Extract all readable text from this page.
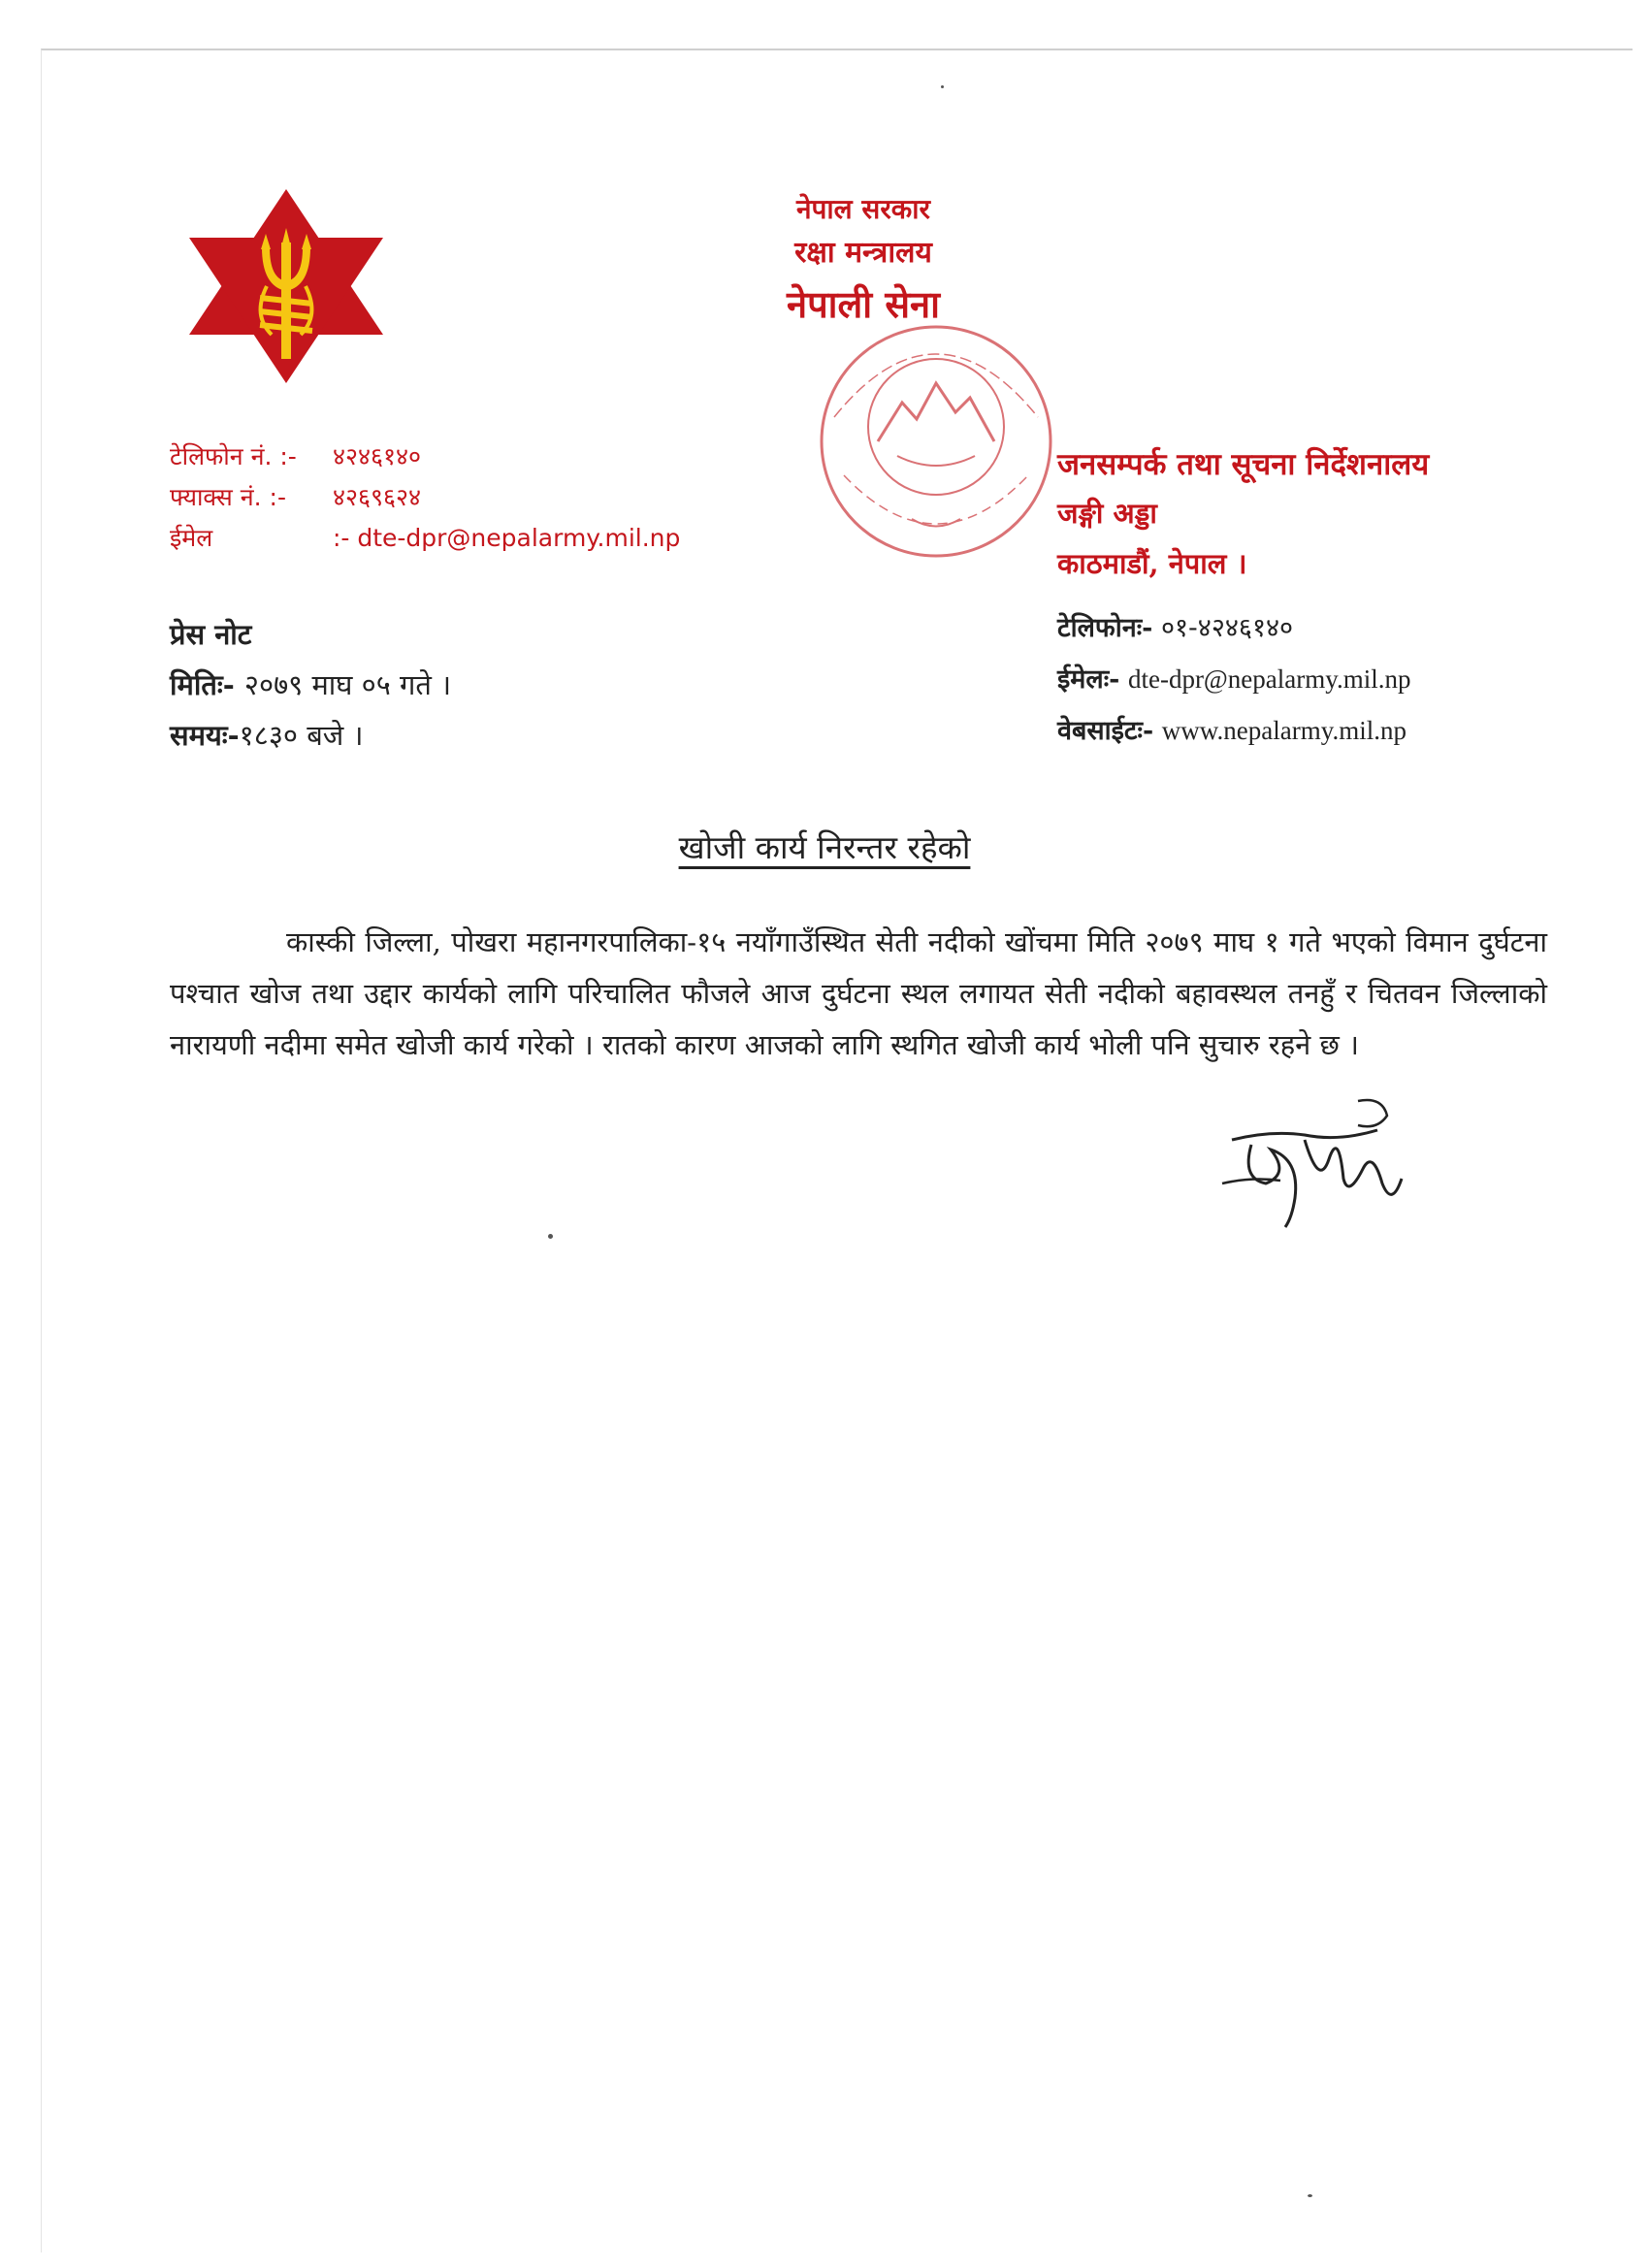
नेपाल सरकार
रक्षा मन्त्रालय
नेपाली सेना
टेलिफोन नं. :- ४२४६१४०
फ्याक्स नं. :- ४२६९६२४
ईमेल	:- dte-dpr@nepalarmy.mil.np
जनसम्पर्क तथा सूचना निर्देशनालय
जङ्गी अड्डा
काठमाडौं, नेपाल ।
प्रेस नोट
मितिः- २०७९ माघ ०५ गते ।
समयः-१८३० बजे ।
टेलिफोनः- ०१-४२४६१४०
ईमेलः- dte-dpr@nepalarmy.mil.np
वेबसाईटः- www.nepalarmy.mil.np
खोजी कार्य निरन्तर रहेको
कास्की जिल्ला, पोखरा महानगरपालिका-१५ नयाँगाउँस्थित सेती नदीको खोंचमा मिति २०७९ माघ १ गते भएको विमान दुर्घटना पश्चात खोज तथा उद्दार कार्यको लागि परिचालित फौजले आज दुर्घटना स्थल लगायत सेती नदीको बहावस्थल तनहुँ र चितवन जिल्लाको नारायणी नदीमा समेत खोजी कार्य गरेको । रातको कारण आजको लागि स्थगित खोजी कार्य भोली पनि सुचारु रहने छ ।
